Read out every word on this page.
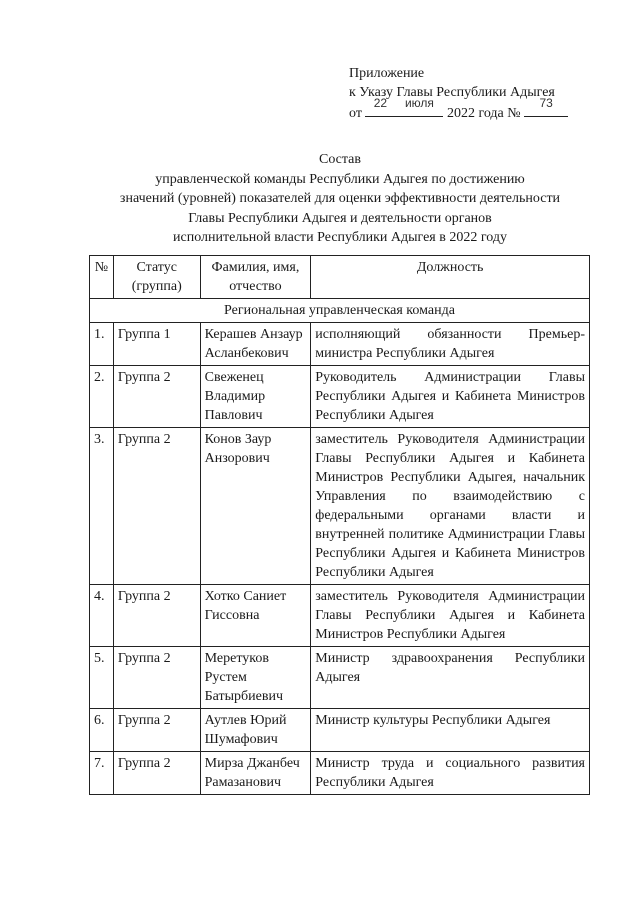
Приложение
к Указу Главы Республики Адыгея
от
22	июля
2022 года №
73
Состав
управленческой команды Республики Адыгея по достижению
значений (уровней) показателей для оценки эффективности деятельности
Главы Республики Адыгея и деятельности органов
исполнительной власти Республики Адыгея в 2022 году
№	Статус (группа)	Фамилия, имя, отчество	Должность
Региональная управленческая команда			
1.	Группа 1	Керашев Анзаур Асланбекович	исполняющий обязанности Премьер-министра Республики Адыгея
2.	Группа 2	Свеженец Владимир Павлович	Руководитель Администрации Главы Республики Адыгея и Кабинета Министров Республики Адыгея
3.	Группа 2	Конов Заур Анзорович	заместитель Руководителя Администрации Главы Республики Адыгея и Кабинета Министров Республики Адыгея, начальник Управления по взаимодействию с федеральными органами власти и внутренней политике Администрации Главы Республики Адыгея и Кабинета Министров Республики Адыгея
4.	Группа 2	Хотко Саниет Гиссовна	заместитель Руководителя Администрации Главы Республики Адыгея и Кабинета Министров Республики Адыгея
5.	Группа 2	Меретуков Рустем Батырбиевич	Министр здравоохранения Республики Адыгея
6.	Группа 2	Аутлев Юрий Шумафович	Министр культуры Республики Адыгея
7.	Группа 2	Мирза Джанбеч Рамазанович	Министр труда и социального развития Республики Адыгея
